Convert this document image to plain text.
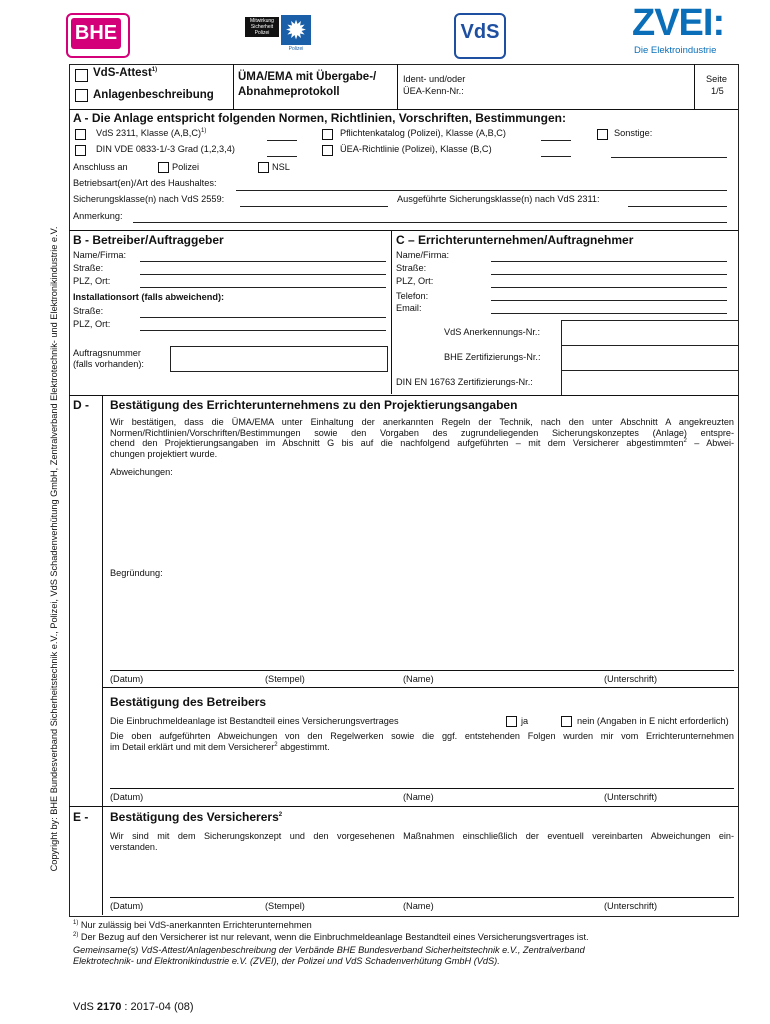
BHE
Mitwirkung
Sicherheit
Polizei ✹
Polizei
VdS	ZVEI:
Die Elektroindustrie
Copyright by: BHE Bundesverband Sicherheitstechnik e.V., Polizei, VdS Schadenverhütung GmbH, Zentralverband Elektrotechnik- und Elektronikindustrie e.V.
VdS-Attest$^{1)}$
Anlagenbeschreibung
ÜMA/EMA mit Übergabe-/
Abnahmeprotokoll
Ident- und/oder
ÜEA-Kenn-Nr.:
Seite
1/5
A - Die Anlage entspricht folgenden Normen, Richtlinien, Vorschriften, Bestimmungen:
VdS 2311, Klasse $(A,B,C)^{1)}$
DIN VDE 0833-1/-3 Grad (1,2,3,4)
Pflichtenkatalog (Polizei), Klasse (A,B,C)
ÜEA-Richtlinie (Polizei), Klasse (B,C)
Sonstige:
Anschluss an	Polizei	NSL
Betriebsart(en)/Art des Haushaltes:
Sicherungsklasse(n) nach VdS 2559:	Ausgeführte Sicherungsklasse(n) nach VdS 2311:
Anmerkung:
B - Betreiber/Auftraggeber
Name/Firma:
Straße:
PLZ, Ort:
Installationsort (falls abweichend):
Straße:
PLZ, Ort:
Auftragsnummer
(falls vorhanden):
C – Errichterunternehmen/Auftragnehmer
Name/Firma:
Straße:
PLZ, Ort:
Telefon:
Email:
VdS Anerkennungs-Nr.:
BHE Zertifizierungs-Nr.:
DIN EN 16763 Zertifizierungs-Nr.:
D - Bestätigung des Errichterunternehmens zu den Projektierungsangaben
Wir bestätigen, dass die ÜMA/EMA unter Einhaltung der anerkannten Regeln der Technik, nach den unter Abschnitt A angekreuzten
Normen/Richtlinien/Vorschriften/Bestimmungen sowie den Vorgaben des zugrundeliegenden Sicherungskonzeptes (Anlage) entspre-
chend den Projektierungsangaben im Abschnitt G bis auf die nachfolgend aufgeführten – mit dem Versicherer abgestimmten$^2$ – Abwei-
chungen projektiert wurde.
Abweichungen:
Begründung:
(Datum)	(Stempel)	(Name)	(Unterschrift)
Bestätigung des Betreibers
Die Einbruchmeldeanlage ist Bestandteil eines Versicherungsvertrages	ja	nein (Angaben in E nicht erforderlich)
Die oben aufgeführten Abweichungen von den Regelwerken sowie die ggf. entstehenden Folgen wurden mir vom Errichterunternehmen
im Detail erklärt und mit dem Versicherer$^2$ abgestimmt.
(Datum)	(Name)	(Unterschrift)
E - Bestätigung des Versicherers$^2$
Wir sind mit dem Sicherungskonzept und den vorgesehenen Maßnahmen einschließlich der eventuell vereinbarten Abweichungen ein-
verstanden.
(Datum)	(Stempel)	(Name)	(Unterschrift)
$^{1)}$ Nur zulässig bei VdS-anerkannten Errichterunternehmen
$^{2)}$ Der Bezug auf den Versicherer ist nur relevant, wenn die Einbruchmeldeanlage Bestandteil eines Versicherungsvertrages ist.
Gemeinsame(s) VdS-Attest/Anlagenbeschreibung der Verbände BHE Bundesverband Sicherheitstechnik e.V., Zentralverband
Elektrotechnik- und Elektronikindustrie e.V. (ZVEI), der Polizei und VdS Schadenverhütung GmbH (VdS).
VdS 2170 : 2017-04 (08)
